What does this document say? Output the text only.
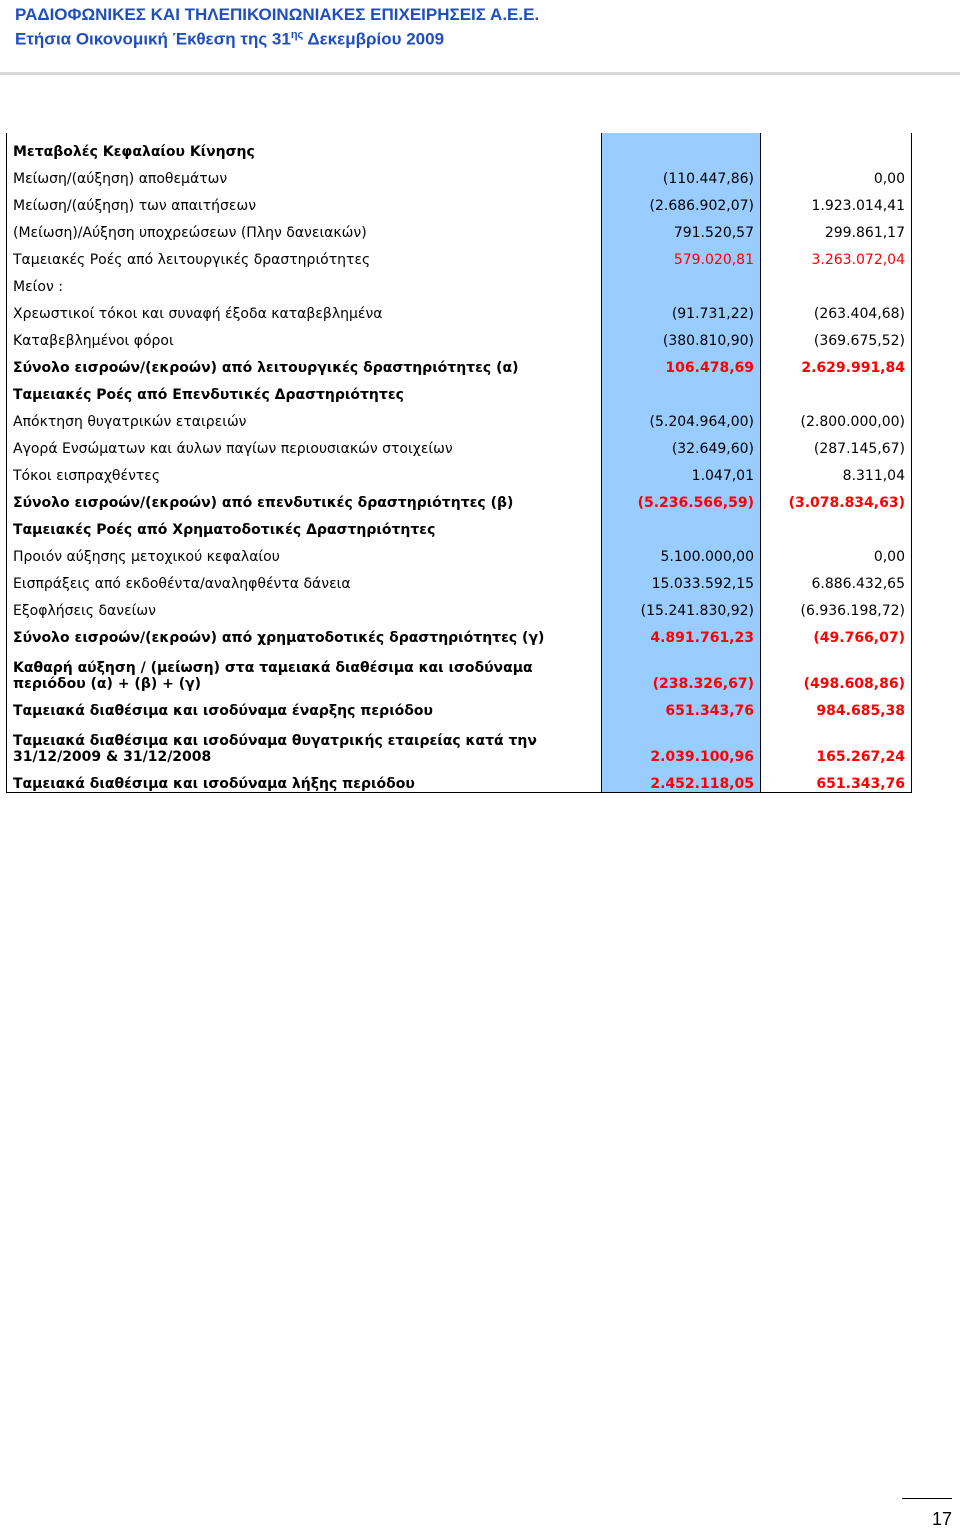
ΡΑΔΙΟΦΩΝΙΚΕΣ ΚΑΙ ΤΗΛΕΠΙΚΟΙΝΩΝΙΑΚΕΣ ΕΠΙΧΕΙΡΗΣΕΙΣ Α.Ε.Ε.
Ετήσια Οικονομική Έκθεση της $31^{\eta\varsigma}$ Δεκεμβρίου 2009
Μεταβολές Κεφαλαίου Κίνησης		
Μείωση/(αύξηση) αποθεμάτων	(110.447,86)	0,00
Μείωση/(αύξηση) των απαιτήσεων	(2.686.902,07)	1.923.014,41
(Μείωση)/Αύξηση υποχρεώσεων (Πλην δανειακών)	791.520,57	299.861,17
Ταμειακές Ροές από λειτουργικές δραστηριότητες	579.020,81	3.263.072,04
Μείον :		
Χρεωστικοί τόκοι και συναφή έξοδα καταβεβλημένα	(91.731,22)	(263.404,68)
Καταβεβλημένοι φόροι	(380.810,90)	(369.675,52)
Σύνολο εισροών/(εκροών) από λειτουργικές δραστηριότητες (α)	106.478,69	2.629.991,84
Ταμειακές Ροές από Επενδυτικές Δραστηριότητες		
Απόκτηση θυγατρικών εταιρειών	(5.204.964,00)	(2.800.000,00)
Αγορά Ενσώματων και άυλων παγίων περιουσιακών στοιχείων	(32.649,60)	(287.145,67)
Τόκοι εισπραχθέντες	1.047,01	8.311,04
Σύνολο εισροών/(εκροών) από επενδυτικές δραστηριότητες (β)	(5.236.566,59)	(3.078.834,63)
Ταμειακές Ροές από Χρηματοδοτικές Δραστηριότητες		
Προιόν αύξησης μετοχικού κεφαλαίου	5.100.000,00	0,00
Εισπράξεις από εκδοθέντα/αναληφθέντα δάνεια	15.033.592,15	6.886.432,65
Εξοφλήσεις δανείων	(15.241.830,92)	(6.936.198,72)
Σύνολο εισροών/(εκροών) από χρηματοδοτικές δραστηριότητες (γ)	4.891.761,23	(49.766,07)
Καθαρή αύξηση / (μείωση) στα ταμειακά διαθέσιμα και ισοδύναμα περιόδου (α) + (β) + (γ)	(238.326,67)	(498.608,86)
Ταμειακά διαθέσιμα και ισοδύναμα έναρξης περιόδου	651.343,76	984.685,38
Ταμειακά διαθέσιμα και ισοδύναμα θυγατρικής εταιρείας κατά την 31/12/2009 & 31/12/2008	2.039.100,96	165.267,24
Ταμειακά διαθέσιμα και ισοδύναμα λήξης περιόδου	2.452.118,05	651.343,76
17
